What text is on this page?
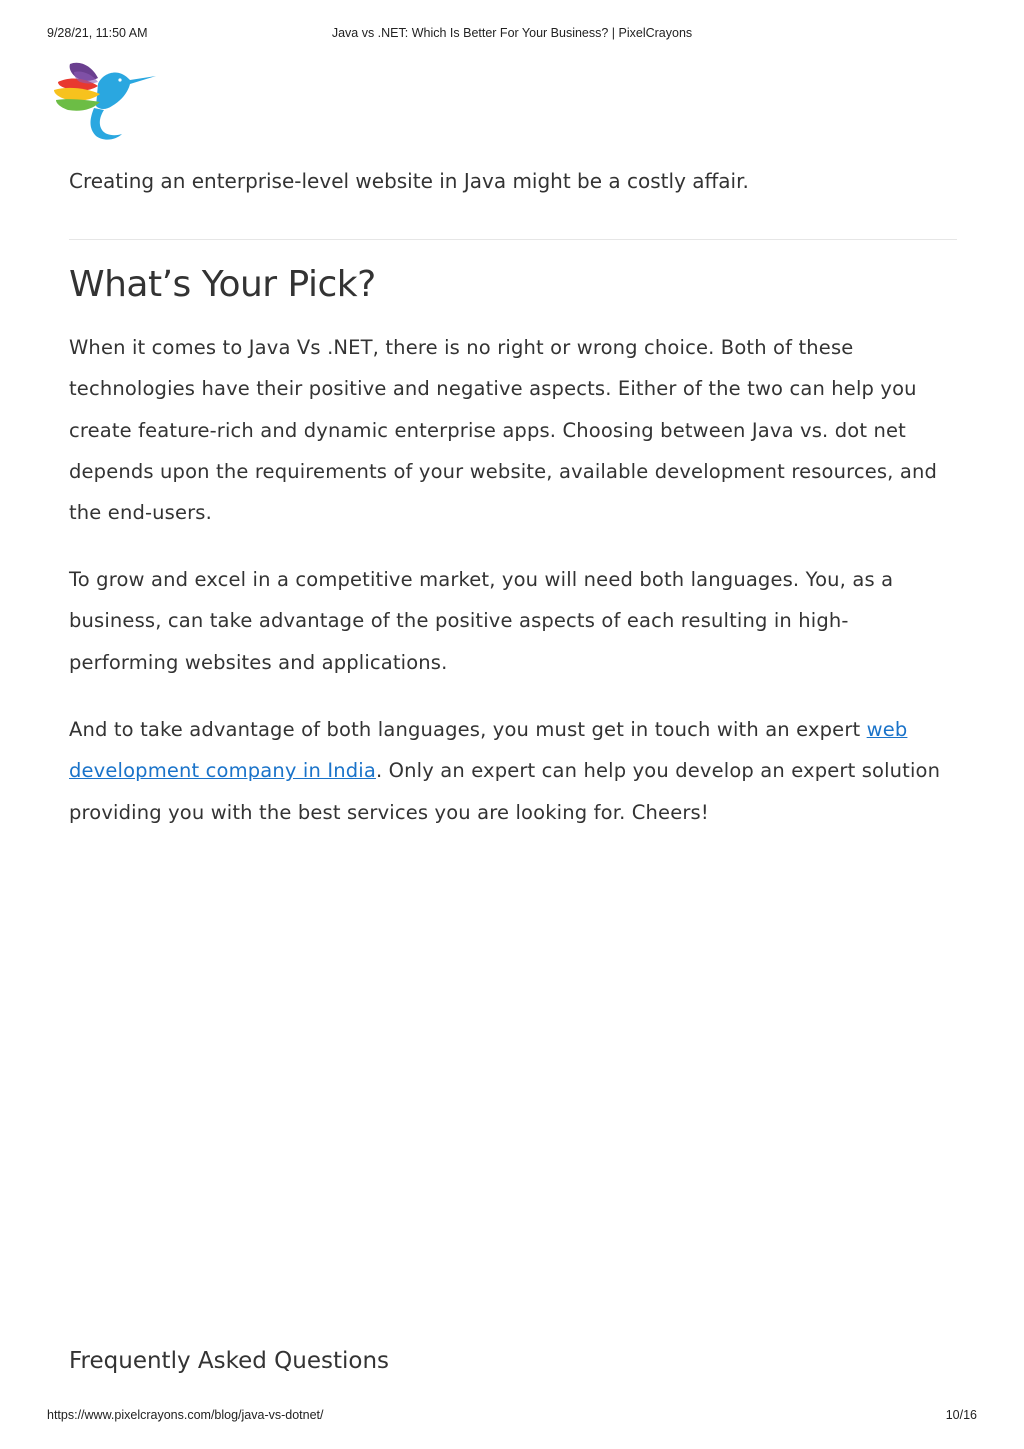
9/28/21, 11:50 AM	Java vs .NET: Which Is Better For Your Business? | PixelCrayons

Creating an enterprise-level website in Java might be a costly affair.

What’s Your Pick?

When it comes to Java Vs .NET, there is no right or wrong choice. Both of these technologies have their positive and negative aspects. Either of the two can help you create feature-rich and dynamic enterprise apps. Choosing between Java vs. dot net depends upon the requirements of your website, available development resources, and the end-users.

To grow and excel in a competitive market, you will need both languages. You, as a business, can take advantage of the positive aspects of each resulting in high-performing websites and applications.

And to take advantage of both languages, you must get in touch with an expert web development company in India. Only an expert can help you develop an expert solution providing you with the best services you are looking for. Cheers!

Frequently Asked Questions
https://www.pixelcrayons.com/blog/java-vs-dotnet/	10/16
